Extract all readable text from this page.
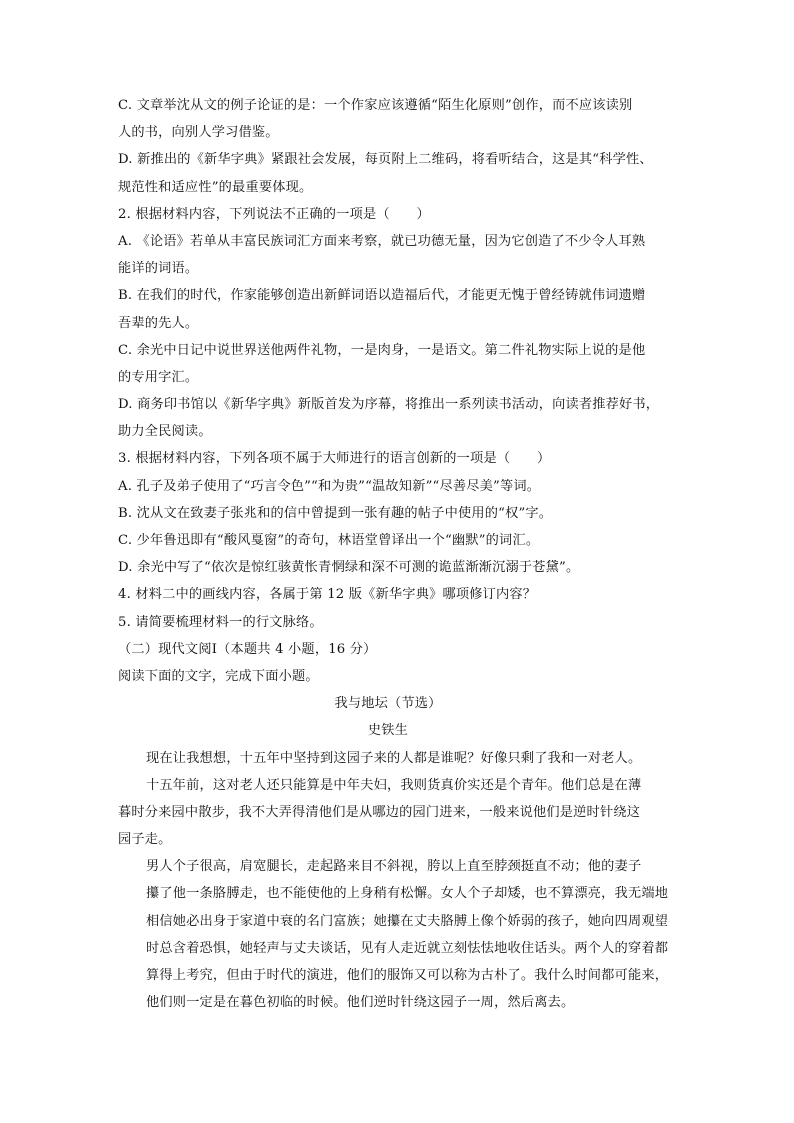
C. 文章举沈从文的例子论证的是：一个作家应该遵循“陌生化原则”创作，而不应该读别
人的书，向别人学习借鉴。
D. 新推出的《新华字典》紧跟社会发展，每页附上二维码，将看听结合，这是其“科学性、
规范性和适应性”的最重要体现。
2. 根据材料内容，下列说法不正确的一项是（　　）
A. 《论语》若单从丰富民族词汇方面来考察，就已功德无量，因为它创造了不少令人耳熟
能详的词语。
B. 在我们的时代，作家能够创造出新鲜词语以造福后代，才能更无愧于曾经铸就伟词遗赠
吾辈的先人。
C. 余光中日记中说世界送他两件礼物，一是肉身，一是语文。第二件礼物实际上说的是他
的专用字汇。
D. 商务印书馆以《新华字典》新版首发为序幕，将推出一系列读书活动，向读者推荐好书，
助力全民阅读。
3. 根据材料内容，下列各项不属于大师进行的语言创新的一项是（　　）
A. 孔子及弟子使用了“巧言令色”“和为贵”“温故知新”“尽善尽美”等词。
B. 沈从文在致妻子张兆和的信中曾提到一张有趣的帖子中使用的“权”字。
C. 少年鲁迅即有“酸风戛窗”的奇句，林语堂曾译出一个“幽默”的词汇。
D. 余光中写了“依次是惊红骇黄怅青惘绿和深不可测的诡蓝渐渐沉溺于苍黛”。
4. 材料二中的画线内容，各属于第 12 版《新华字典》哪项修订内容？
5. 请简要梳理材料一的行文脉络。
（二）现代文阅Ⅰ（本题共 4 小题，16 分）
阅读下面的文字，完成下面小题。
我与地坛（节选）
史铁生
现在让我想想，十五年中坚持到这园子来的人都是谁呢？好像只剩了我和一对老人。
十五年前，这对老人还只能算是中年夫妇，我则货真价实还是个青年。他们总是在薄
暮时分来园中散步，我不大弄得清他们是从哪边的园门进来，一般来说他们是逆时针绕这
园子走。
男人个子很高，肩宽腿长，走起路来目不斜视，胯以上直至脖颈挺直不动；他的妻子
攥了他一条胳膊走，也不能使他的上身稍有松懈。女人个子却矮，也不算漂亮，我无端地
相信她必出身于家道中衰的名门富族；她攥在丈夫胳膊上像个娇弱的孩子，她向四周观望
时总含着恐惧，她轻声与丈夫谈话，见有人走近就立刻怯怯地收住话头。两个人的穿着都
算得上考究，但由于时代的演进，他们的服饰又可以称为古朴了。我什么时间都可能来，
他们则一定是在暮色初临的时候。他们逆时针绕这园子一周，然后离去。
